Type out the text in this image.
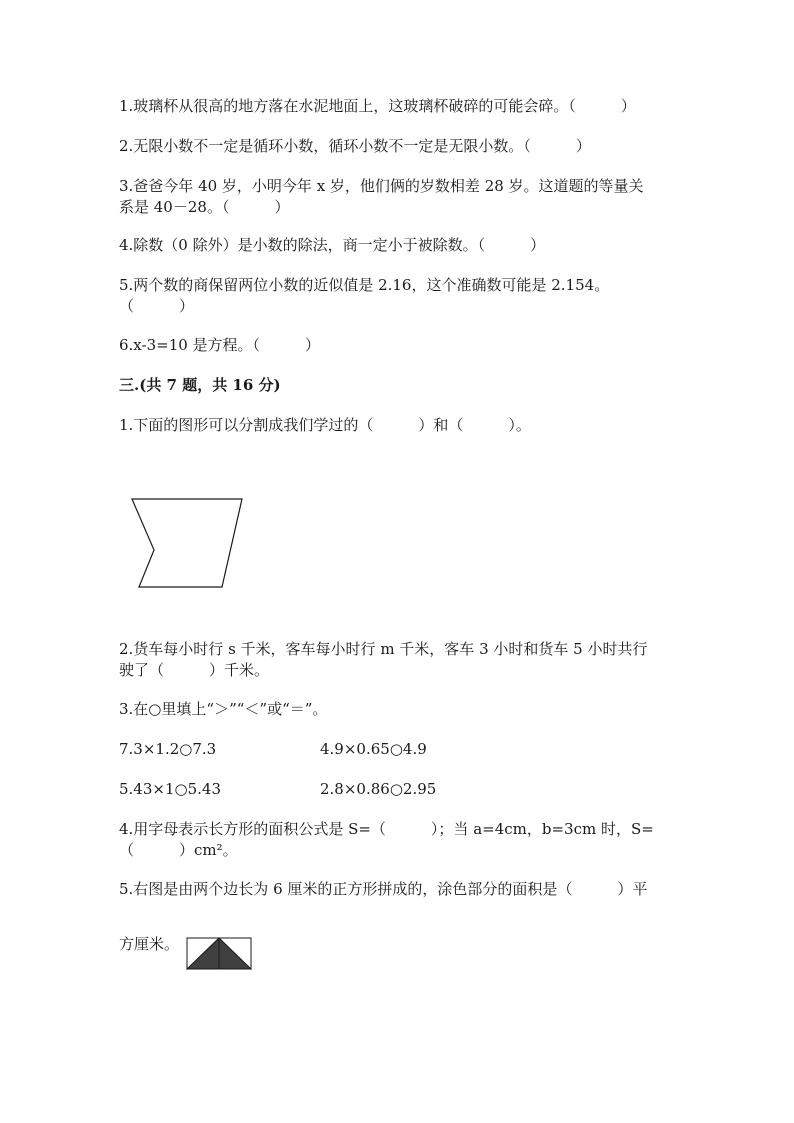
1.玻璃杯从很高的地方落在水泥地面上，这玻璃杯破碎的可能会碎。（　　　）
2.无限小数不一定是循环小数，循环小数不一定是无限小数。（　　　）
3.爸爸今年 40 岁，小明今年 x 岁，他们俩的岁数相差 28 岁。这道题的等量关
系是 40－28。（　　　）
4.除数（0 除外）是小数的除法，商一定小于被除数。（　　　）
5.两个数的商保留两位小数的近似值是 2.16，这个准确数可能是 2.154。
（　　　）
6.x-3=10 是方程。（　　　）
三.(共 7 题，共 16 分)
1.下面的图形可以分割成我们学过的（　　　）和（　　　）。
2.货车每小时行 s 千米，客车每小时行 m 千米，客车 3 小时和货车 5 小时共行
驶了（　　　）千米。
3.在○里填上“＞”“＜”或“＝”。
7.3×1.2○7.3	4.9×0.65○4.9
5.43×1○5.43	2.8×0.86○2.95
4.用字母表示长方形的面积公式是 S=（　　　）；当 a=4cm，b=3cm 时，S=
（　　　）cm²。
5.右图是由两个边长为 6 厘米的正方形拼成的，涂色部分的面积是（　　　）平
方厘米。
